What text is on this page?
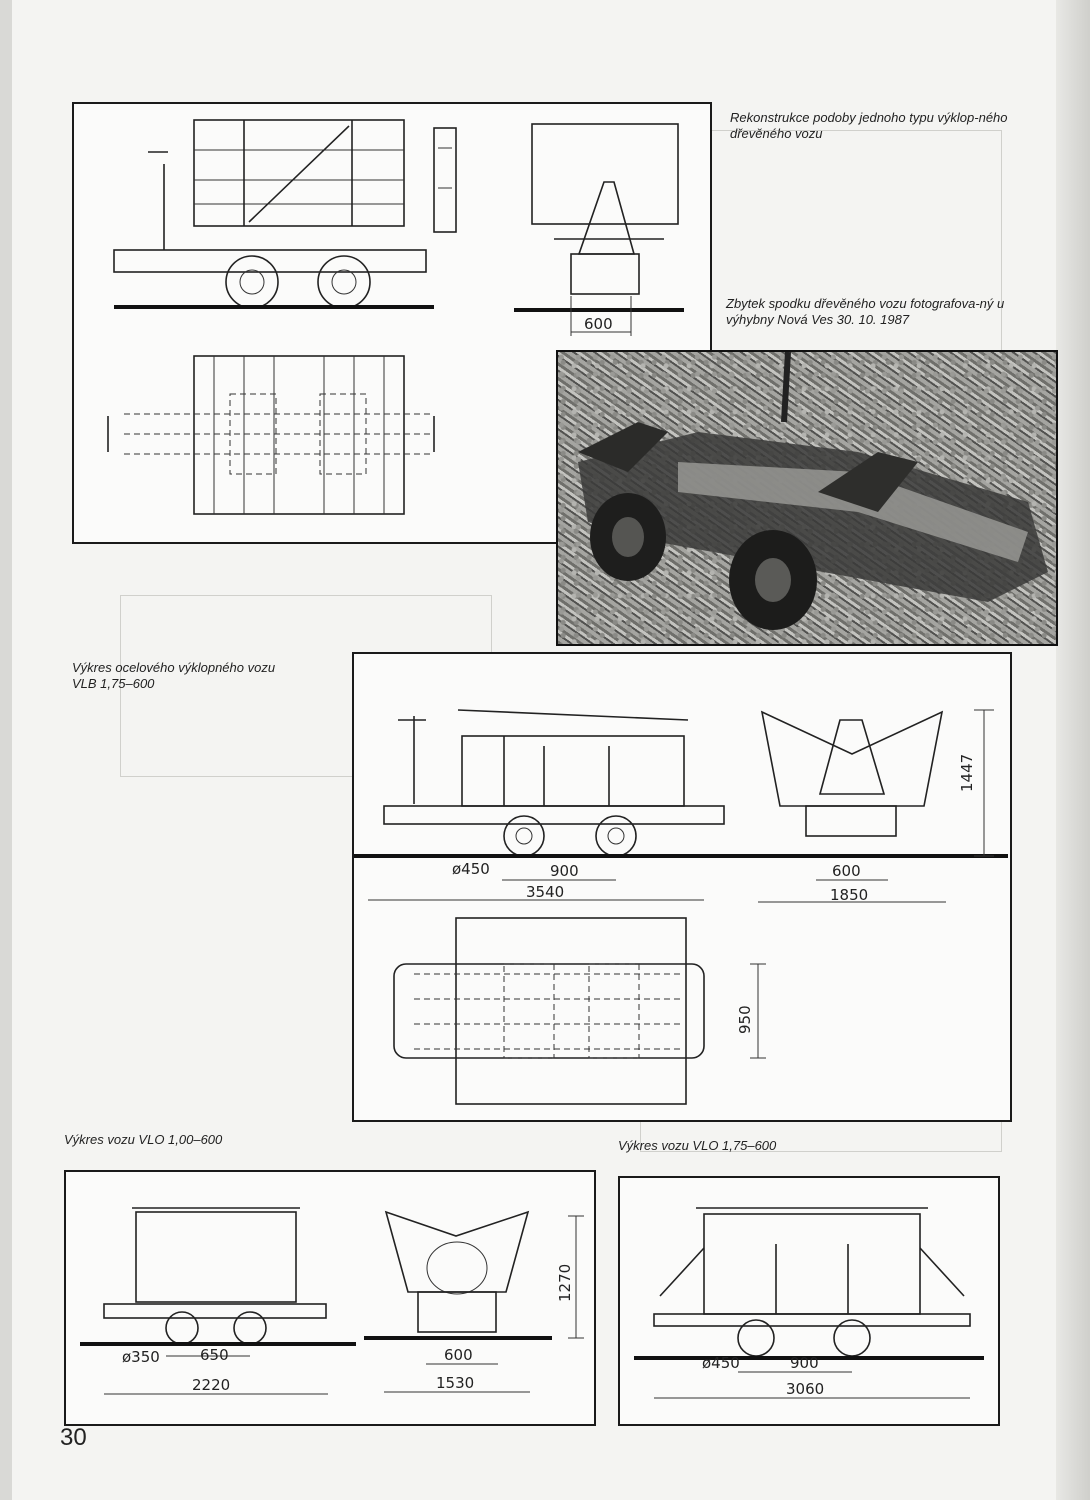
600
Rekonstrukce podoby jednoho typu výklop-ného dřevěného vozu
Zbytek spodku dřevěného vozu fotografova-ný u výhybny Nová Ves 30. 10. 1987
Výkres ocelového výklopného vozu
VLB 1,75–600
1447
ø450	900
3540
600
1850
950
Výkres vozu VLO 1,00–600
ø350	650
2220
1270
600
1530
Výkres vozu VLO 1,75–600
ø450	900
3060
30
